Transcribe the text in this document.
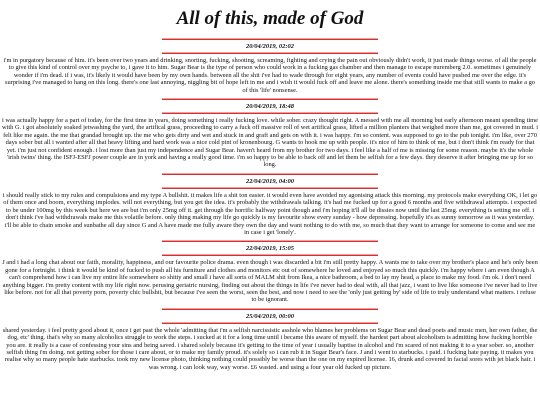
All of this, made of God
20/04/2019, 02:02
i'm in purgatory because of him. it's been over two years and drinking, snorting, fucking, shooting, screaming, fighting and crying the pain out obviously didn't work, it just made things worse. of all the people to give this kind of control over my psyche to, i gave it to him. Sugar Bear is the type of person who could work in a fucking gas chamber and then manage to escape nuremberg 2.0. sometimes i genuinely wonder if i'm dead. if i was, it's likely it would have been by my own hands. between all the shit i've had to wade through for eight years, any number of events could have pushed me over the edge. it's surprising i've managed to hang on this long. there's one last annoying, niggling bit of hope left in me and i wish it would fuck off and leave me alone. there's something inside me that still wants to make a go of this 'life' nonsense.
20/04/2019, 18:48
i was actually happy for a part of today, for the first time in years, doing something i really fucking love. while sober. crazy thought right. A messed with me all morning but early afternoon meant spending time with G. i got absolutely soaked jetwashing the yard, the artifical grass, proceeding to carry a fuck off massive roll of wet artifical grass, lifted a million planters that weighed more than me, got covered in mud. i felt like me again. the me that grandad brought up. the me who gets dirty and wet and stuck in and graft and gets on with it. i was happy. i'm so content. was supposed to go to the pub tonight. i'm like, over 270 days sober but all i wanted after all that heavy lifting and hard work was a nice cold pint of kronenbourg. G wants to hook me up with people. it's nice of him to think of me, but i don't think i'm ready for that yet. i'm just not confident enough. i lost more than just my independence and Sugar Bear. haven't heard from my brother for two days. i feel like a half of me is missing for some reason. maybe it's the whole 'irish twins' thing. the ISFJ-ESFJ power couple are in york and having a really good time. i'm so happy to be able to back off and let them be selfish for a few days. they deserve it after bringing me up for so long.
22/04/2019, 04:00
i should really stick to my rules and compulsions and my type A bullshit. it makes life a shit ton easier. it would even have avoided my agonising attack this morning. my protocols make everything OK, i let go of them once and boom, everything implodes. will not everything, but you get the idea. it's probably the withdrawals talking. it's had me fucked up for a good 6 months and five withdrawal attempts. i expected to be under 100mg by this week but here we are but i'm only 25mg off it. get through the horrific halfway point though and i'm hoping it'll all be dissies now until the last 25mg. everything is setting me off. i don't think i've had withdrawals make me this volatile before. only thing making my life go quickly is my favourite show every sunday - how depressing. hopefully it's as sunny tomorrow as it was yesterday. i'll be able to chain smoke and sunbathe all day since G and A have made me fully aware they own the day and want nothing to do with me, so much that they want to arrange for someone to come and see me in case i get 'lonely'.
22/04/2019, 15:05
J and i had a long chat about our faith, morality, happiness, and our favourite police drama. even though i was discarded a bit i'm still pretty happy. A wants me to take over my brother's place and he's only been gone for a fortnight. i think it would be kind of fucked to push all his furniture and clothes and monitors etc out of somewhere he loved and enjoyed so much this quickly. i'm happy where i am even though A can't comprehend how i can live my entire life somewhere so shitty and small i have all sorts of MALM shit from Ikea, a nice bathroom, a bed to lay my head, a place to make my food. i'm ok. i don't need anything bigger. i'm pretty content with my life right now. perusing geriatric nursing, finding out about the things in life i've never had to deal with, all that jazz, i want to live like someone i've never had to live like before. not for all that poverty porn, poverty chic bullshit, but because i've seen the worst, seen the best, and now i need to see the 'only just getting by' side of life to truly understand what matters. i refuse to be ignorant.
25/04/2019, 00:00
shared yesterday. i feel pretty good about it, once i get past the whole 'admitting that i'm a selfish narcissistic asshole who blames her problems on Sugar Bear and dead poets and music men, her own father, the dog, etc' thing. that's why so many alcoholics struggle to work the steps. i sucked at it for a long time until i became this aware of myself. the hardest part about alcoholism is admitting how fucking horrible you are. it really is a case of confessing your sins and being saved. i shared solely because it's getting to the time of year i usually baptise in alcohol and i'm scared of not making it to a year sober. so, another selfish thing i'm doing. not getting sober for those i care about, or to make my family proud. it's solely so i can rub it in Sugar Bear's face. J and i went to starbucks. i paid. i fucking hate paying. it makes you realise why so many people hate starbucks. took my new license photo, thinking nothing could possibly be worse than the one on my expired license. 16, drunk and covered in facial sores with jet black hair. i was wrong. i can look way, way worse. £6 wasted. and using a four year old fucked up picture.
